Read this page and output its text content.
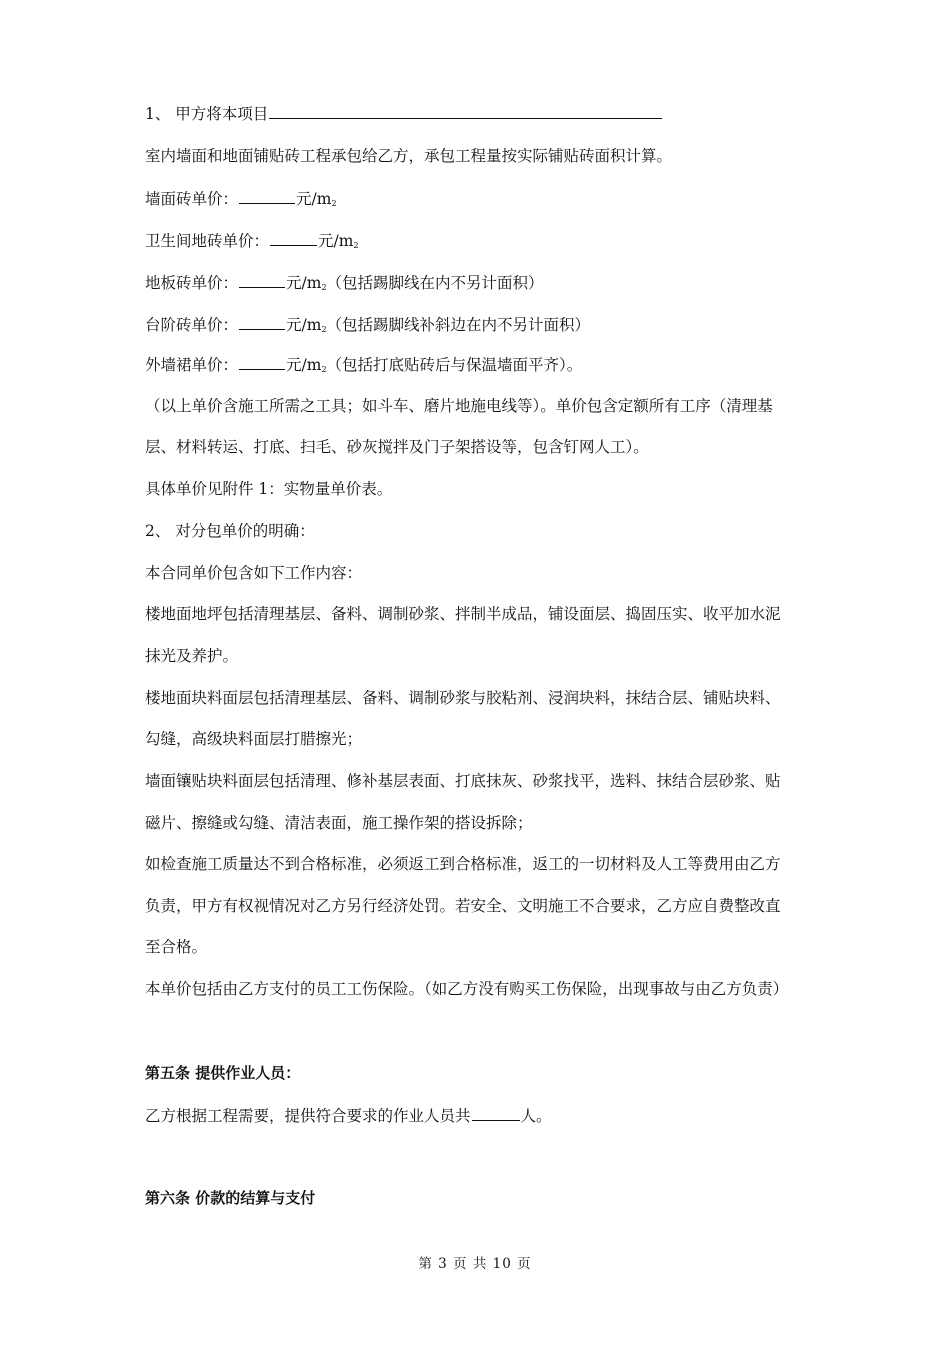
1、 甲方将本项目
室内墙面和地面铺贴砖工程承包给乙方，承包工程量按实际铺贴砖面积计算。
墙面砖单价：	元/m2
卫生间地砖单价：	元/m2
地板砖单价：	元/m2（包括踢脚线在内不另计面积）
台阶砖单价：	元/m2（包括踢脚线补斜边在内不另计面积）
外墙裙单价：	元/m2（包括打底贴砖后与保温墙面平齐）。
（以上单价含施工所需之工具；如斗车、磨片地施电线等）。单价包含定额所有工序（清理基
层、材料转运、打底、扫毛、砂灰搅拌及门子架搭设等，包含钉网人工）。
具体单价见附件 1：实物量单价表。
2、 对分包单价的明确：
本合同单价包含如下工作内容：
楼地面地坪包括清理基层、备料、调制砂浆、拌制半成品，铺设面层、捣固压实、收平加水泥
抹光及养护。
楼地面块料面层包括清理基层、备料、调制砂浆与胶粘剂、浸润块料，抹结合层、铺贴块料、
勾缝，高级块料面层打腊擦光；
墙面镶贴块料面层包括清理、修补基层表面、打底抹灰、砂浆找平，选料、抹结合层砂浆、贴
磁片、擦缝或勾缝、清洁表面，施工操作架的搭设拆除；
如检查施工质量达不到合格标准，必须返工到合格标准，返工的一切材料及人工等费用由乙方
负责，甲方有权视情况对乙方另行经济处罚。若安全、文明施工不合要求，乙方应自费整改直
至合格。
本单价包括由乙方支付的员工工伤保险。（如乙方没有购买工伤保险，出现事故与由乙方负责）
第五条 提供作业人员：
乙方根据工程需要，提供符合要求的作业人员共	人。
第六条 价款的结算与支付
第 3 页 共 10 页
